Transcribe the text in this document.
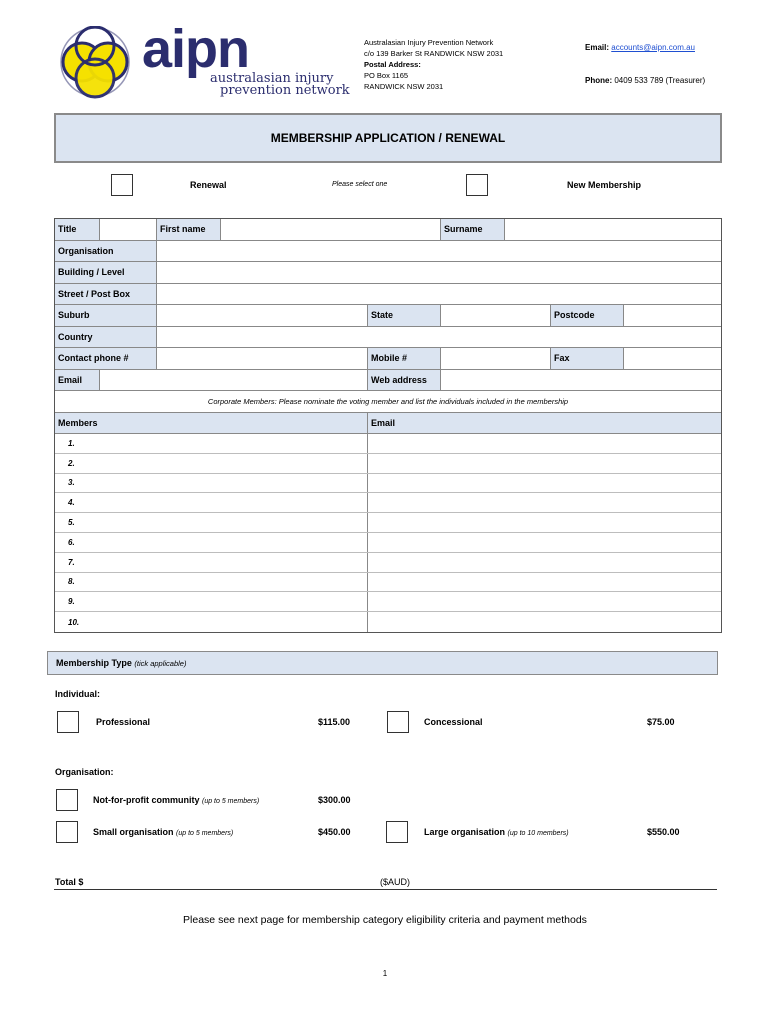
aipn
australasian injury
prevention network
Australasian Injury Prevention Network
c/o 139 Barker St RANDWICK NSW 2031
Postal Address:
PO Box 1165
RANDWICK NSW 2031
Email: accounts@aipn.com.au
Phone: 0409 533 789 (Treasurer)
MEMBERSHIP APPLICATION / RENEWAL
Renewal	Please select one	New Membership
Title	First name	Surname
Organisation
Building / Level
Street / Post Box
Suburb	State	Postcode
Country
Contact phone #	Mobile #	Fax
Email	Web address
Corporate Members: Please nominate the voting member and list the individuals included in the membership
Members	Email
1.
2.
3.
4.
5.
6.
7.
8.
9.
10.
Membership Type
(tick applicable)
Individual:
Professional	$115.00	Concessional	$75.00
Organisation:
Not-for-profit community (up to 5 members)	$300.00
Small organisation (up to 5 members)	$450.00	Large organisation (up to 10 members)	$550.00
Total $	($AUD)
Please see next page for membership category eligibility criteria and payment methods
1
